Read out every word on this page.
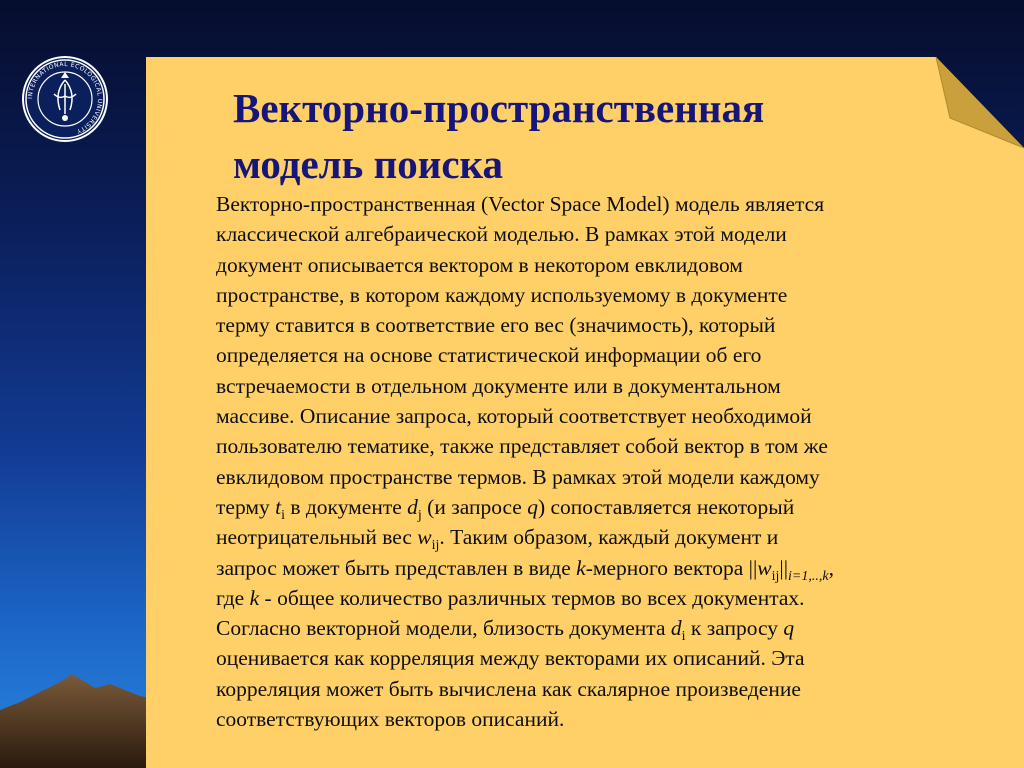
INTERNATIONAL ECOLOGICAL UNIVERSITY	Векторно-пространственная
модель поиска
Векторно-пространственная (Vector Space Model) модель является
классической алгебраической моделью. В рамках этой модели
документ описывается вектором в некотором евклидовом
пространстве, в котором каждому используемому в документе
терму ставится в соответствие его вес (значимость), который
определяется на основе статистической информации об его
встречаемости в отдельном документе или в документальном
массиве. Описание запроса, который соответствует необходимой
пользователю тематике, также представляет собой вектор в том же
евклидовом пространстве термов. В рамках этой модели каждому
терму $t_i$ в документе $d_j$ (и запросе q) сопоставляется некоторый
неотрицательный вес $w_{ij}$. Таким образом, каждый документ и
запрос может быть представлен в виде k-мерного вектора $||w_{ij}||_{i=1,..,k}$,
где k - общее количество различных термов во всех документах.
Согласно векторной модели, близость документа $d_i$ к запросу q
оценивается как корреляция между векторами их описаний. Эта
корреляция может быть вычислена как скалярное произведение
соответствующих векторов описаний.
